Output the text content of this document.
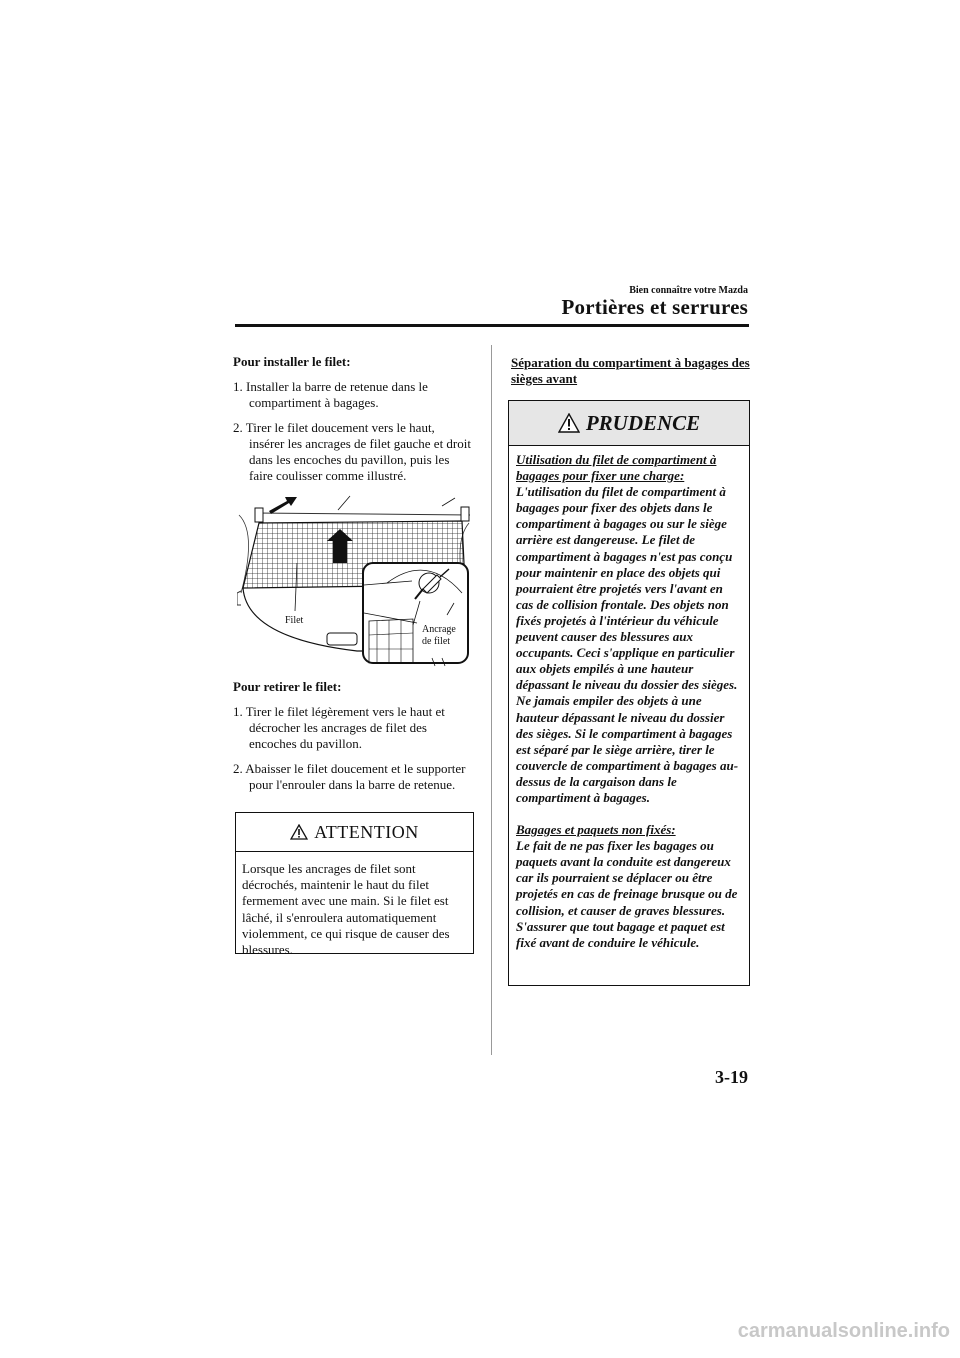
Bien connaître votre Mazda
Portières et serrures

Pour installer le filet:

1. Installer la barre de retenue dans le compartiment à bagages.

2. Tirer le filet doucement vers le haut, insérer les ancrages de filet gauche et droit dans les encoches du pavillon, puis les faire coulisser comme illustré.

Filet
Ancrage
de filet

Pour retirer le filet:

1. Tirer le filet légèrement vers le haut et décrocher les ancrages de filet des encoches du pavillon.

2. Abaisser le filet doucement et le supporter pour l'enrouler dans la barre de retenue.

ATTENTION
Lorsque les ancrages de filet sont décrochés, maintenir le haut du filet fermement avec une main. Si le filet est lâché, il s'enroulera automatiquement violemment, ce qui risque de causer des blessures.
Séparation du compartiment à bagages des sièges avant
PRUDENCE

Utilisation du filet de compartiment à bagages pour fixer une charge:

L'utilisation du filet de compartiment à bagages pour fixer des objets dans le compartiment à bagages ou sur le siège arrière est dangereuse. Le filet de compartiment à bagages n'est pas conçu pour maintenir en place des objets qui pourraient être projetés vers l'avant en cas de collision frontale. Des objets non fixés projetés à l'intérieur du véhicule peuvent causer des blessures aux occupants. Ceci s'applique en particulier aux objets empilés à une hauteur dépassant le niveau du dossier des sièges. Ne jamais empiler des objets à une hauteur dépassant le niveau du dossier des sièges. Si le compartiment à bagages est séparé par le siège arrière, tirer le couvercle de compartiment à bagages au-dessus de la cargaison dans le compartiment à bagages.

Bagages et paquets non fixés:

Le fait de ne pas fixer les bagages ou paquets avant la conduite est dangereux car ils pourraient se déplacer ou être projetés en cas de freinage brusque ou de collision, et causer de graves blessures. S'assurer que tout bagage et paquet est fixé avant de conduire le véhicule.

3-19
carmanualsonline.info
